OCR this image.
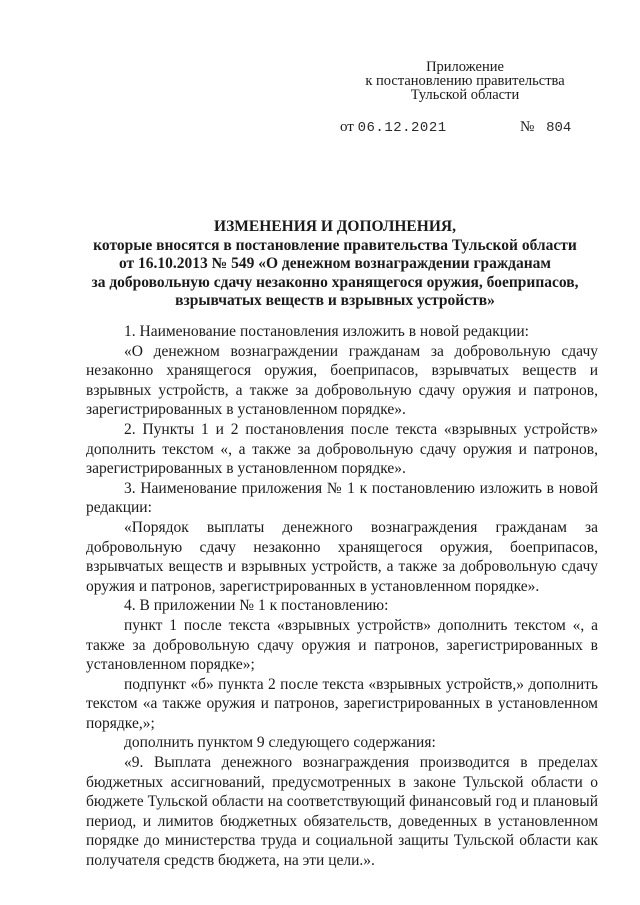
Приложение
к постановлению правительства
Тульской области
от 06.12.2021	№ 804
ИЗМЕНЕНИЯ И ДОПОЛНЕНИЯ,
которые вносятся в постановление правительства Тульской области
от 16.10.2013 № 549 «О денежном вознаграждении гражданам
за добровольную сдачу незаконно хранящегося оружия, боеприпасов,
взрывчатых веществ и взрывных устройств»

1. Наименование постановления изложить в новой редакции:

«О денежном вознаграждении гражданам за добровольную сдачу незаконно хранящегося оружия, боеприпасов, взрывчатых веществ и взрывных устройств, а также за добровольную сдачу оружия и патронов, зарегистрированных в установленном порядке».

2. Пункты 1 и 2 постановления после текста «взрывных устройств» дополнить текстом «, а также за добровольную сдачу оружия и патронов, зарегистрированных в установленном порядке».

3. Наименование приложения № 1 к постановлению изложить в новой редакции:

«Порядок выплаты денежного вознаграждения гражданам за добровольную сдачу незаконно хранящегося оружия, боеприпасов, взрывчатых веществ и взрывных устройств, а также за добровольную сдачу оружия и патронов, зарегистрированных в установленном порядке».

4. В приложении № 1 к постановлению:

пункт 1 после текста «взрывных устройств» дополнить текстом «, а также за добровольную сдачу оружия и патронов, зарегистрированных в установленном порядке»;

подпункт «б» пункта 2 после текста «взрывных устройств,» дополнить текстом «а также оружия и патронов, зарегистрированных в установленном порядке,»;

дополнить пунктом 9 следующего содержания:

«9. Выплата денежного вознаграждения производится в пределах бюджетных ассигнований, предусмотренных в законе Тульской области о бюджете Тульской области на соответствующий финансовый год и плановый период, и лимитов бюджетных обязательств, доведенных в установленном порядке до министерства труда и социальной защиты Тульской области как получателя средств бюджета, на эти цели.».
